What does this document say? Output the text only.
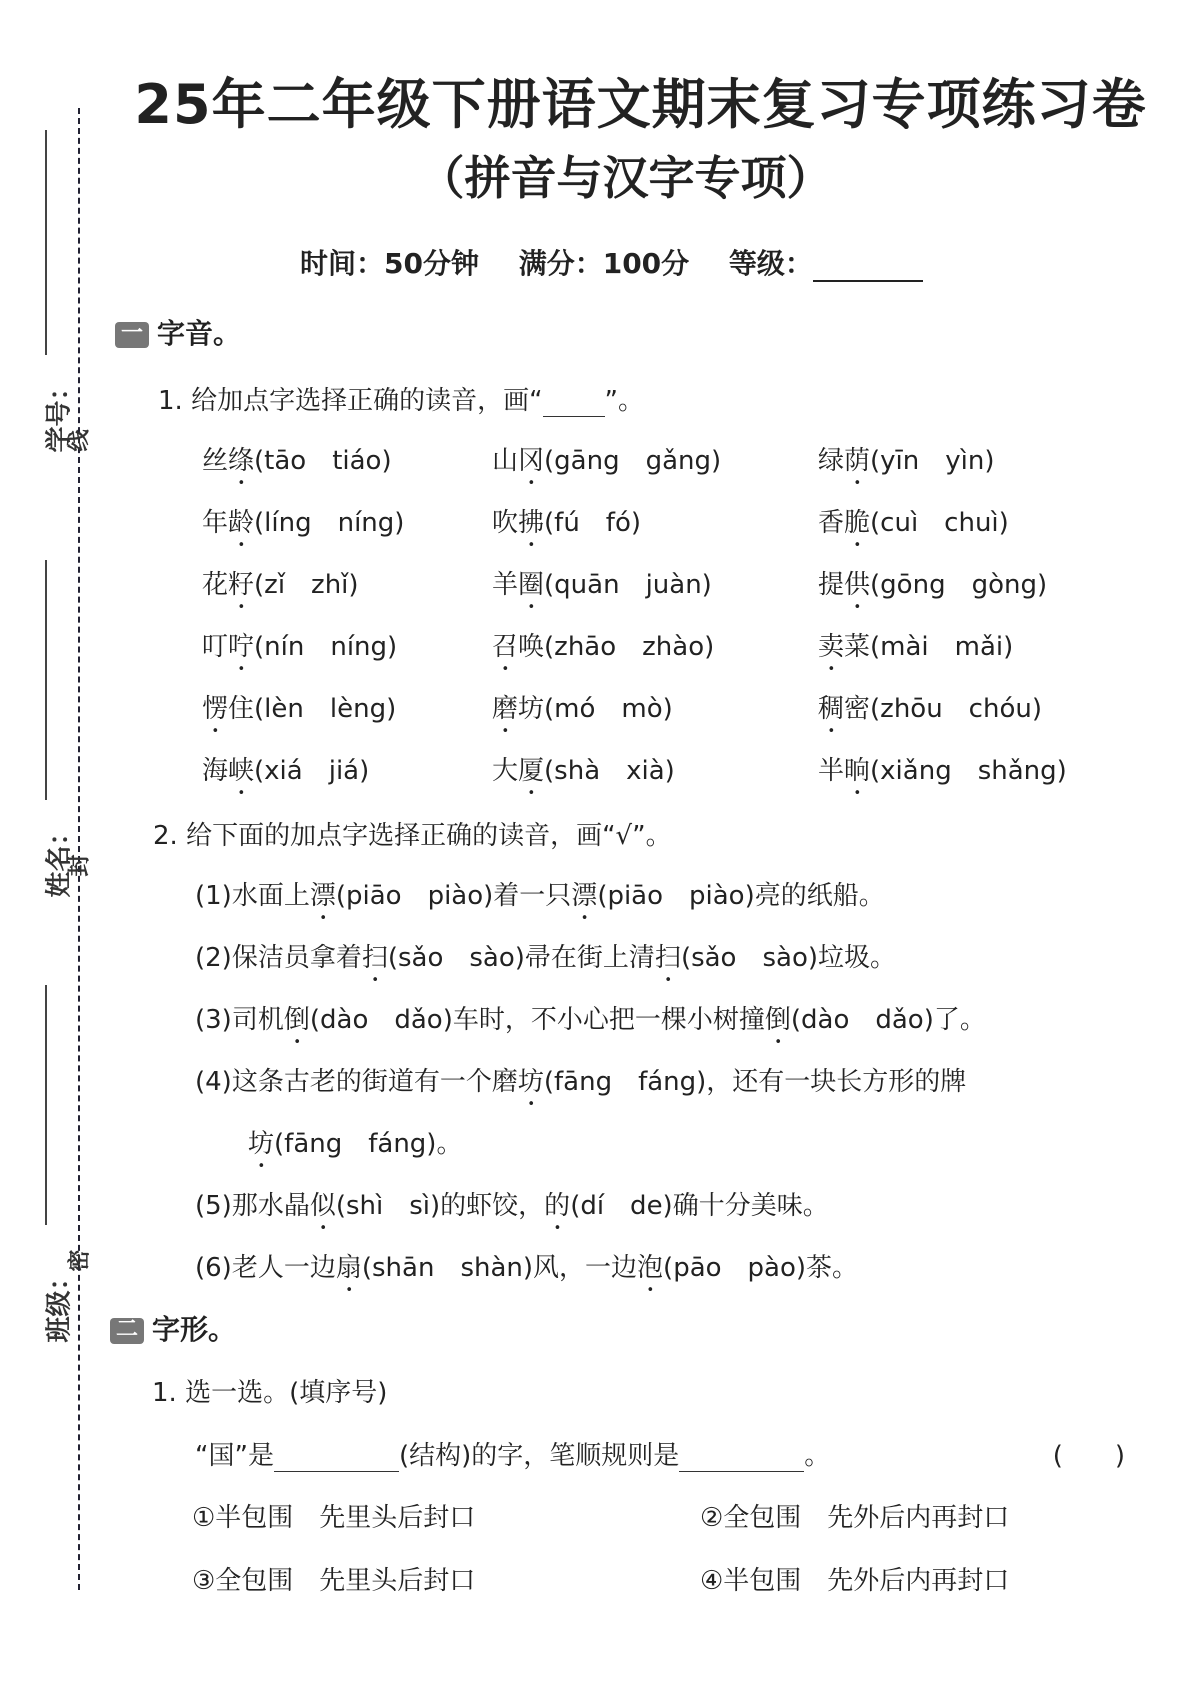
学号：
姓名：
班级：
线
封
密
25年二年级下册语文期末复习专项练习卷
（拼音与汉字专项）
时间：50分钟 满分：100分 等级：
一 字音。
1. 给加点字选择正确的读音，画“ ”。
丝绦(tāo　tiáo)	山冈(gāng　gǎng)	绿荫(yīn　yìn)
年龄(líng　níng)	吹拂(fú　fó)	香脆(cuì　chuì)
花籽(zǐ　zhǐ)	羊圈(quān　juàn)	提供(gōng　gòng)
叮咛(nín　níng)	召唤(zhāo　zhào)	卖菜(mài　mǎi)
愣住(lèn　lèng)	磨坊(mó　mò)	稠密(zhōu　chóu)
海峡(xiá　jiá)	大厦(shà　xià)	半晌(xiǎng　shǎng)
2. 给下面的加点字选择正确的读音，画“√”。
(1)水面上漂(piāo　piào)着一只漂(piāo　piào)亮的纸船。
(2)保洁员拿着扫(sǎo　sào)帚在街上清扫(sǎo　sào)垃圾。
(3)司机倒(dào　dǎo)车时，不小心把一棵小树撞倒(dào　dǎo)了。
(4)这条古老的街道有一个磨坊(fāng　fáng)，还有一块长方形的牌
坊(fāng　fáng)。
(5)那水晶似(shì　sì)的虾饺，的(dí　de)确十分美味。
(6)老人一边扇(shān　shàn)风，一边泡(pāo　pào)茶。
二 字形。
1. 选一选。(填序号)
“国”是	(结构)的字，笔顺规则是	。	(　　)
①半包围　先里头后封口	②全包围　先外后内再封口
③全包围　先里头后封口	④半包围　先外后内再封口
